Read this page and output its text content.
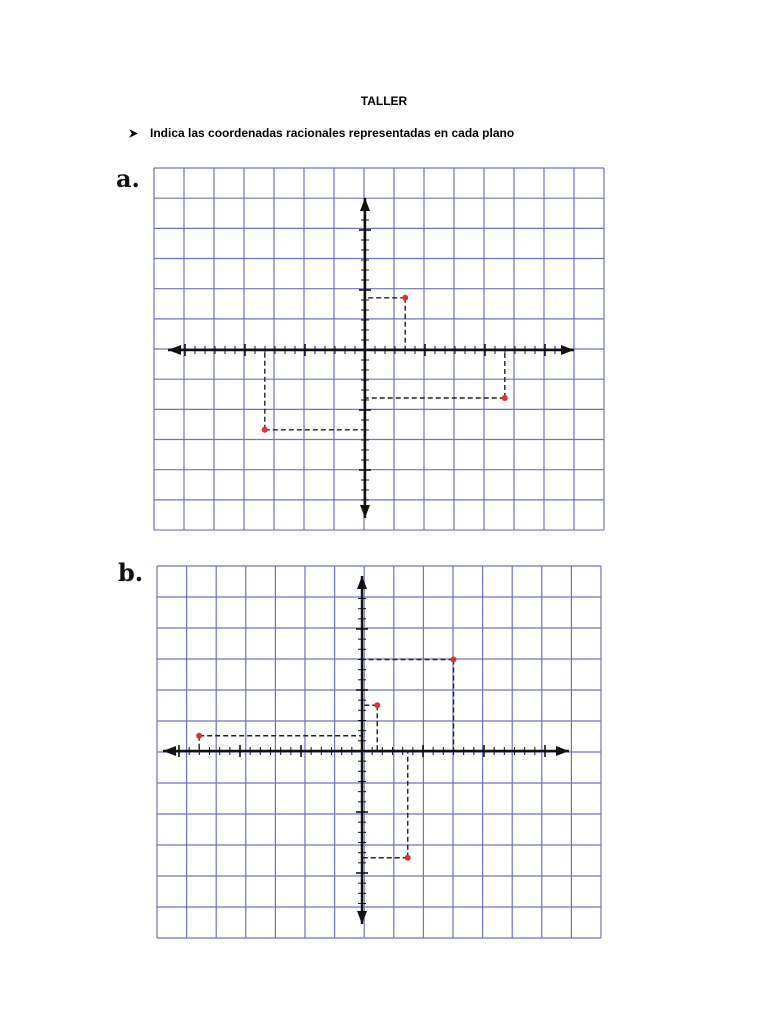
TALLER
Indica las coordenadas racionales representadas en cada plano
a.
b.
